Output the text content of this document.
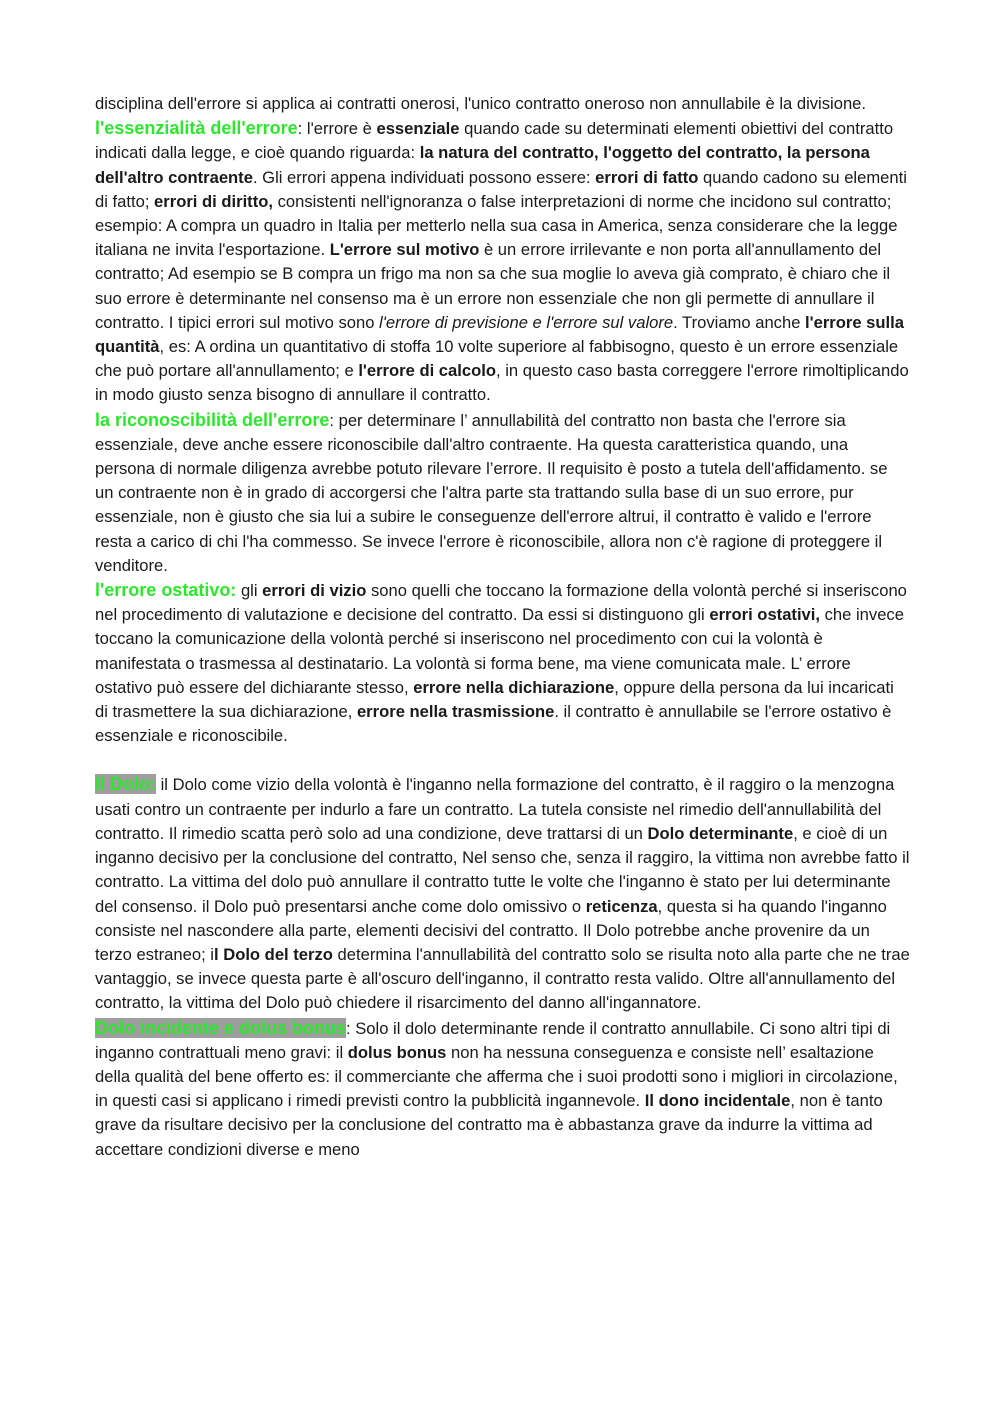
disciplina dell'errore si applica ai contratti onerosi, l'unico contratto oneroso non annullabile è la divisione.

l'essenzialità dell'errore: l'errore è essenziale quando cade su determinati elementi obiettivi del contratto indicati dalla legge, e cioè quando riguarda: la natura del contratto, l'oggetto del contratto, la persona dell'altro contraente. Gli errori appena individuati possono essere: errori di fatto quando cadono su elementi di fatto; errori di diritto, consistenti nell'ignoranza o false interpretazioni di norme che incidono sul contratto; esempio: A compra un quadro in Italia per metterlo nella sua casa in America, senza considerare che la legge italiana ne invita l'esportazione. L'errore sul motivo è un errore irrilevante e non porta all'annullamento del contratto; Ad esempio se B compra un frigo ma non sa che sua moglie lo aveva già comprato, è chiaro che il suo errore è determinante nel consenso ma è un errore non essenziale che non gli permette di annullare il contratto. I tipici errori sul motivo sono l'errore di previsione e l'errore sul valore. Troviamo anche l'errore sulla quantità, es: A ordina un quantitativo di stoffa 10 volte superiore al fabbisogno, questo è un errore essenziale che può portare all'annullamento; e l'errore di calcolo, in questo caso basta correggere l'errore rimoltiplicando in modo giusto senza bisogno di annullare il contratto.

la riconoscibilità dell'errore: per determinare l’ annullabilità del contratto non basta che l'errore sia essenziale, deve anche essere riconoscibile dall'altro contraente. Ha questa caratteristica quando, una persona di normale diligenza avrebbe potuto rilevare l’errore. Il requisito è posto a tutela dell'affidamento. se un contraente non è in grado di accorgersi che l'altra parte sta trattando sulla base di un suo errore, pur essenziale, non è giusto che sia lui a subire le conseguenze dell'errore altrui, il contratto è valido e l'errore resta a carico di chi l'ha commesso. Se invece l'errore è riconoscibile, allora non c'è ragione di proteggere il venditore.

l'errore ostativo: gli errori di vizio sono quelli che toccano la formazione della volontà perché si inseriscono nel procedimento di valutazione e decisione del contratto. Da essi si distinguono gli errori ostativi, che invece toccano la comunicazione della volontà perché si inseriscono nel procedimento con cui la volontà è manifestata o trasmessa al destinatario. La volontà si forma bene, ma viene comunicata male. L’ errore ostativo può essere del dichiarante stesso, errore nella dichiarazione, oppure della persona da lui incaricati di trasmettere la sua dichiarazione, errore nella trasmissione. il contratto è annullabile se l'errore ostativo è essenziale e riconoscibile.

Il Dolo: il Dolo come vizio della volontà è l'inganno nella formazione del contratto, è il raggiro o la menzogna usati contro un contraente per indurlo a fare un contratto. La tutela consiste nel rimedio dell'annullabilità del contratto. Il rimedio scatta però solo ad una condizione, deve trattarsi di un Dolo determinante, e cioè di un inganno decisivo per la conclusione del contratto, Nel senso che, senza il raggiro, la vittima non avrebbe fatto il contratto. La vittima del dolo può annullare il contratto tutte le volte che l'inganno è stato per lui determinante del consenso. il Dolo può presentarsi anche come dolo omissivo o reticenza, questa si ha quando l'inganno consiste nel nascondere alla parte, elementi decisivi del contratto. Il Dolo potrebbe anche provenire da un terzo estraneo; il Dolo del terzo determina l'annullabilità del contratto solo se risulta noto alla parte che ne trae vantaggio, se invece questa parte è all'oscuro dell'inganno, il contratto resta valido. Oltre all'annullamento del contratto, la vittima del Dolo può chiedere il risarcimento del danno all'ingannatore.

Dolo incidente e dolus bonus: Solo il dolo determinante rende il contratto annullabile. Ci sono altri tipi di inganno contrattuali meno gravi: il dolus bonus non ha nessuna conseguenza e consiste nell’ esaltazione della qualità del bene offerto es: il commerciante che afferma che i suoi prodotti sono i migliori in circolazione, in questi casi si applicano i rimedi previsti contro la pubblicità ingannevole. Il dono incidentale, non è tanto grave da risultare decisivo per la conclusione del contratto ma è abbastanza grave da indurre la vittima ad accettare condizioni diverse e meno
